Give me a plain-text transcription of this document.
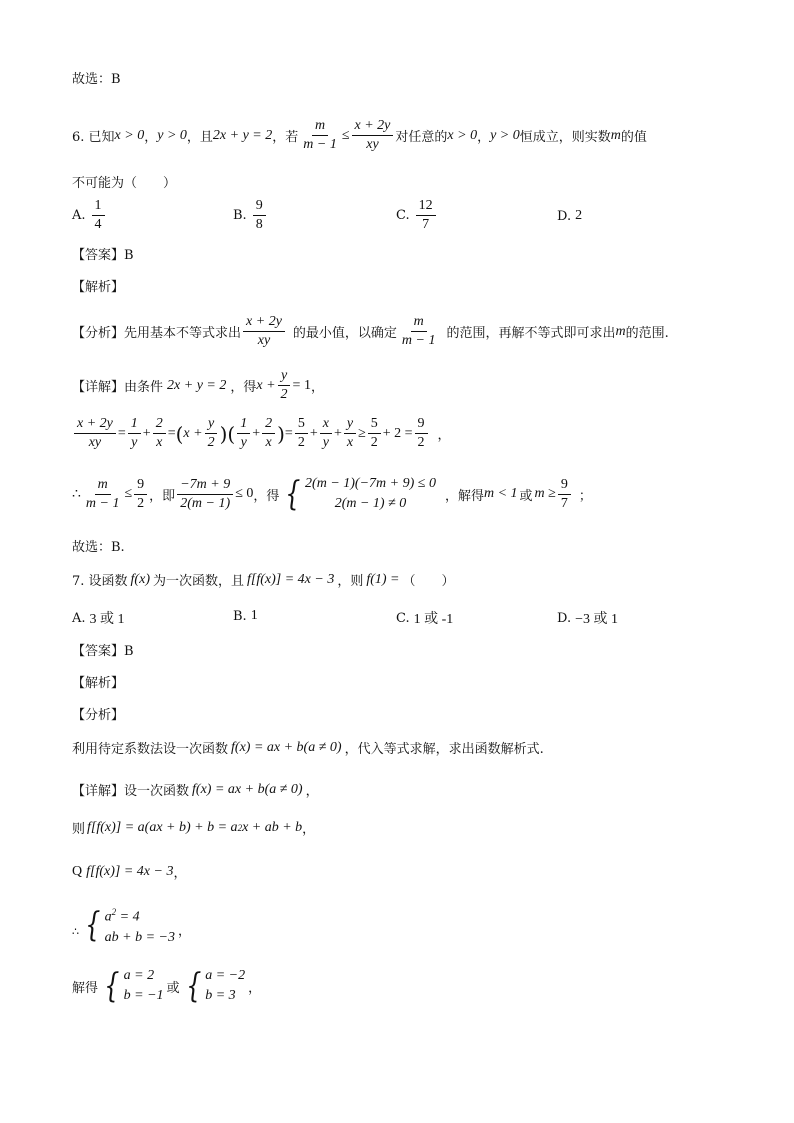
故选：B
6. 已知 x > 0 ， y > 0 ，且 2x + y = 2 ，若 $\frac{m}{m - 1} \le \frac{x + 2y}{xy}$ 对任意的 x > 0 ， y > 0 恒成立，则实数 m 的值
不可能为（　　）
A. $\frac{1}{4}$	B. $\frac{9}{8}$	C. $\frac{12}{7}$	D. 2
【答案】B
【解析】
【分析】 先用基本不等式求出 $\frac{x + 2y}{xy}$ 的最小值，以确定 $\frac{m}{m - 1}$ 的范围，再解不等式即可求出 m 的范围.
【详解】 由条件 2x + y = 2 ，得 $x + \frac{y}{2} = 1$ ，
$\frac{x + 2y}{xy} = \frac{1}{y} + \frac{2}{x}$ = ( $x + \frac{y}{2}$ )( $\frac{1}{y} + \frac{2}{x}$ ) = $\frac{5}{2} + \frac{x}{y} + \frac{y}{x} \ge \frac{5}{2} + 2 = \frac{9}{2}$ ，
∴ $\frac{m}{m - 1} \le \frac{9}{2}$ ，即 $\frac{-7m + 9}{2(m - 1)} \le 0$ ，得 { 2(m − 1)(−7m + 9) ≤ 0
2(m − 1) ≠ 0	，解得 m < 1 或 $m \ge \frac{9}{7}$ ；
故选：B.
7. 设函数 f(x) 为一次函数，且 f[f(x)] = 4x − 3 ，则 f(1) = （　　）
A. 3 或 1	B. 1	C. 1 或 -1	D. −3 或 1
【答案】B
【解析】
【分析】
利用待定系数法设一次函数 f(x) = ax + b(a ≠ 0) ，代入等式求解，求出函数解析式.
【详解】 设一次函数 f(x) = ax + b(a ≠ 0) ，
则 f[f(x)] = a(ax + b) + b = a 2 x + ab + b ，
Q f[f(x)] = 4x − 3 ，
∴ { $a^2 = 4$
ab + b = −3 ，
解得 { a = 2
b = −1 或 { a = −2
b = 3 ，
